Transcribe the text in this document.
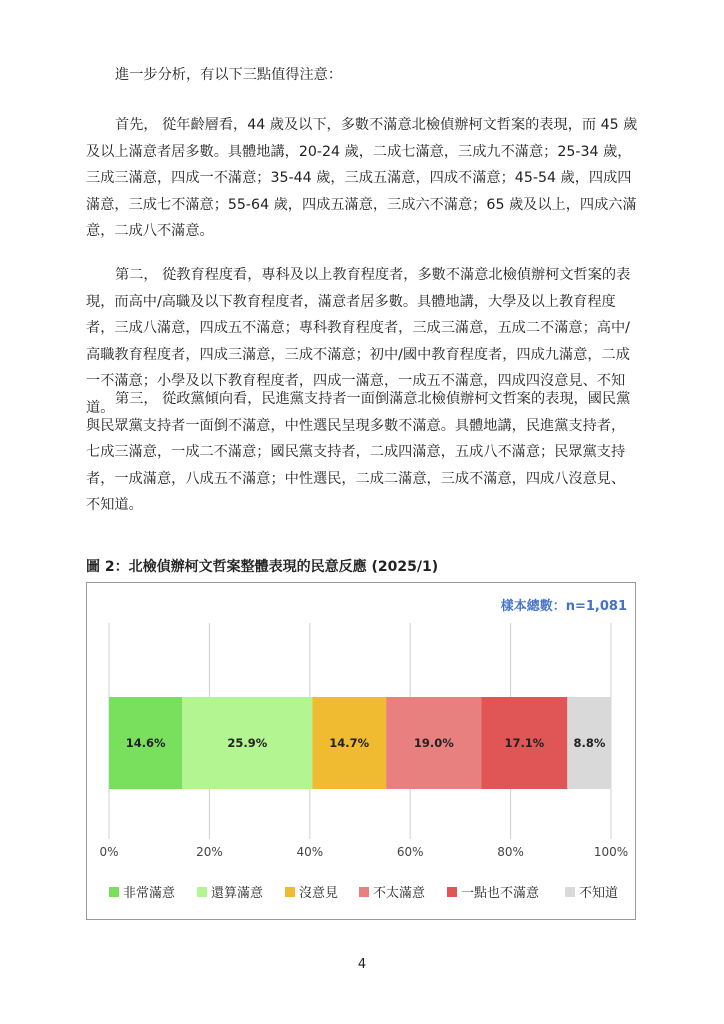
進一步分析，有以下三點值得注意：

首先， 從年齡層看，44 歲及以下，多數不滿意北檢偵辦柯文哲案的表現，而 45 歲及以上滿意者居多數。具體地講，20-24 歲，二成七滿意，三成九不滿意；25-34 歲，三成三滿意，四成一不滿意；35-44 歲，三成五滿意，四成不滿意；45-54 歲，四成四滿意，三成七不滿意；55-64 歲，四成五滿意，三成六不滿意；65 歲及以上，四成六滿意，二成八不滿意。

第二， 從教育程度看，專科及以上教育程度者，多數不滿意北檢偵辦柯文哲案的表現，而高中/高職及以下教育程度者，滿意者居多數。具體地講，大學及以上教育程度者，三成八滿意，四成五不滿意；專科教育程度者，三成三滿意，五成二不滿意；高中/高職教育程度者，四成三滿意，三成不滿意；初中/國中教育程度者，四成九滿意，二成一不滿意；小學及以下教育程度者，四成一滿意，一成五不滿意，四成四沒意見、不知道。

第三， 從政黨傾向看，民進黨支持者一面倒滿意北檢偵辦柯文哲案的表現，國民黨與民眾黨支持者一面倒不滿意，中性選民呈現多數不滿意。具體地講，民進黨支持者，七成三滿意，一成二不滿意；國民黨支持者，二成四滿意，五成八不滿意；民眾黨支持者，一成滿意，八成五不滿意；中性選民，二成二滿意，三成不滿意，四成八沒意見、不知道。

圖 2：北檢偵辦柯文哲案整體表現的民意反應 (2025/1)

樣本總數：n=1,081
0%	20%	40%	60%	80%	100%
14.6%	25.9%	14.7%	19.0%	17.1%	8.8%
非常滿意	還算滿意	沒意見	不太滿意	一點也不滿意	不知道
4
